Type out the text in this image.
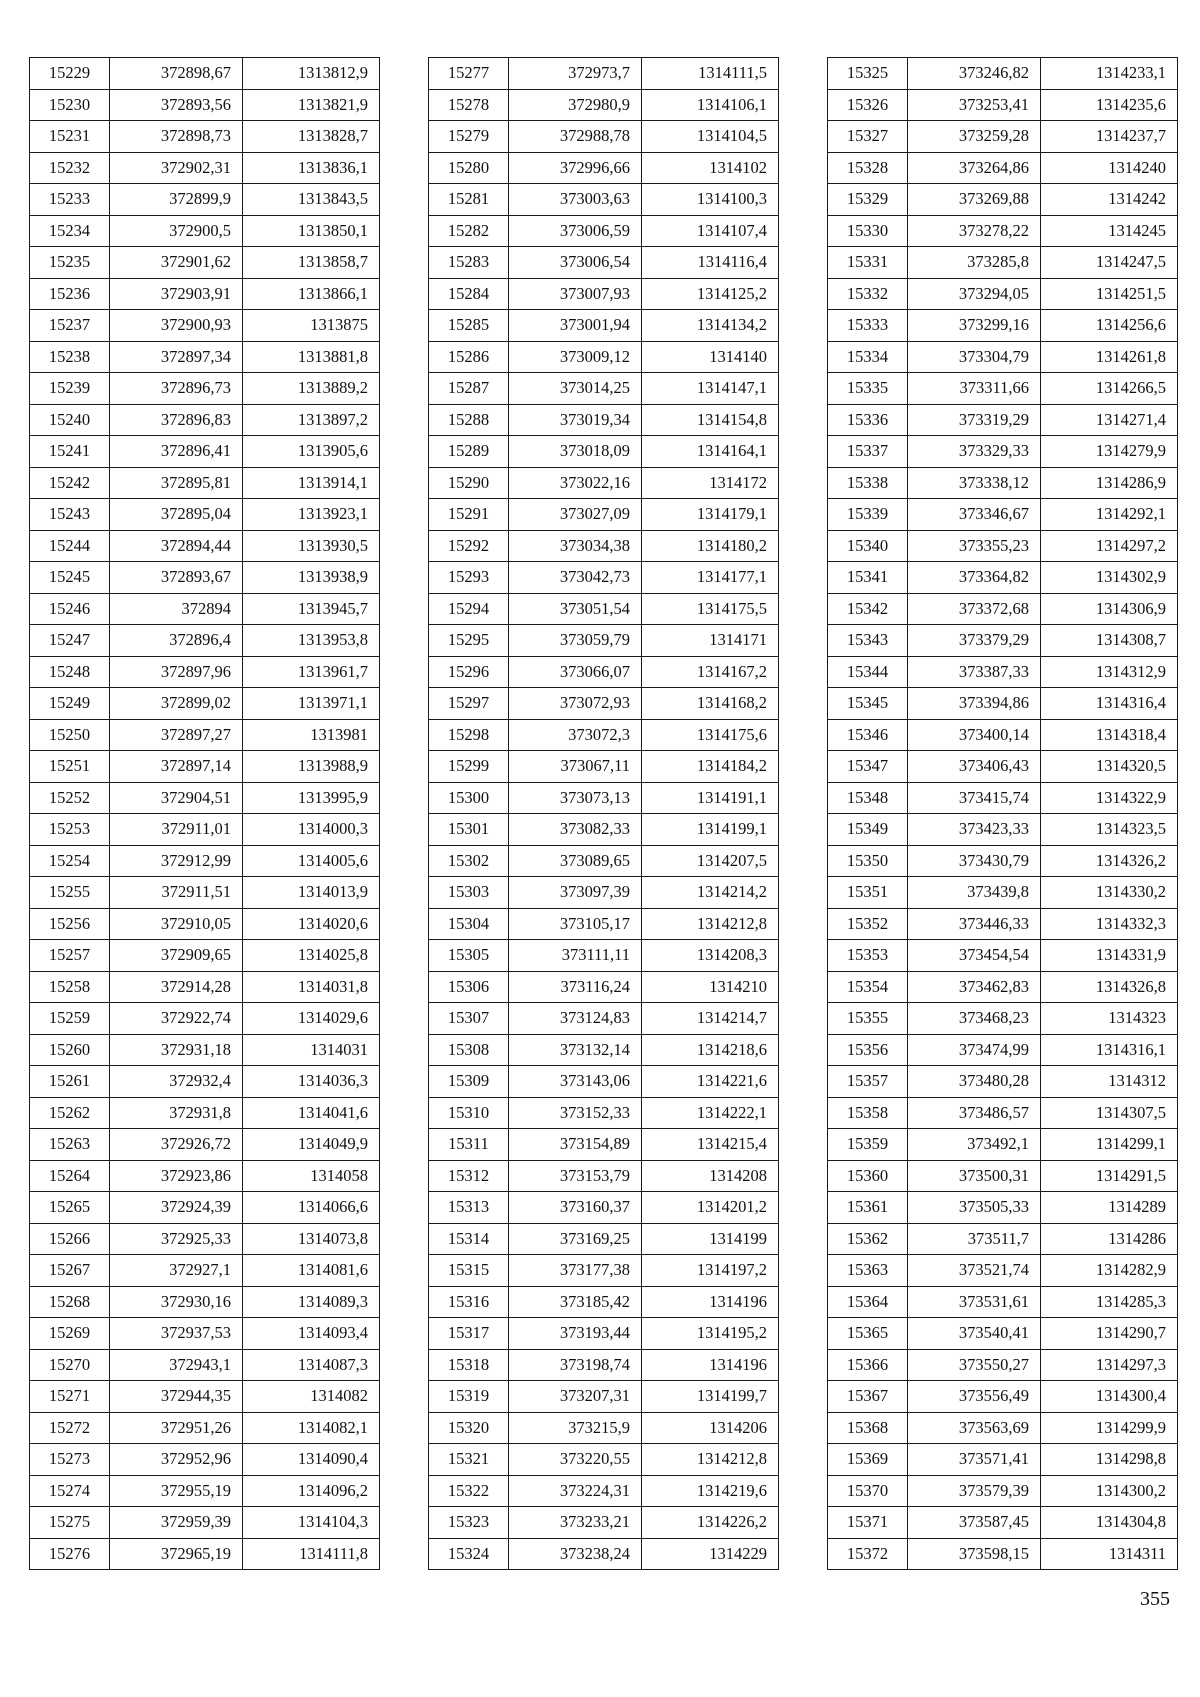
15229	372898,67	1313812,9
15230	372893,56	1313821,9
15231	372898,73	1313828,7
15232	372902,31	1313836,1
15233	372899,9	1313843,5
15234	372900,5	1313850,1
15235	372901,62	1313858,7
15236	372903,91	1313866,1
15237	372900,93	1313875
15238	372897,34	1313881,8
15239	372896,73	1313889,2
15240	372896,83	1313897,2
15241	372896,41	1313905,6
15242	372895,81	1313914,1
15243	372895,04	1313923,1
15244	372894,44	1313930,5
15245	372893,67	1313938,9
15246	372894	1313945,7
15247	372896,4	1313953,8
15248	372897,96	1313961,7
15249	372899,02	1313971,1
15250	372897,27	1313981
15251	372897,14	1313988,9
15252	372904,51	1313995,9
15253	372911,01	1314000,3
15254	372912,99	1314005,6
15255	372911,51	1314013,9
15256	372910,05	1314020,6
15257	372909,65	1314025,8
15258	372914,28	1314031,8
15259	372922,74	1314029,6
15260	372931,18	1314031
15261	372932,4	1314036,3
15262	372931,8	1314041,6
15263	372926,72	1314049,9
15264	372923,86	1314058
15265	372924,39	1314066,6
15266	372925,33	1314073,8
15267	372927,1	1314081,6
15268	372930,16	1314089,3
15269	372937,53	1314093,4
15270	372943,1	1314087,3
15271	372944,35	1314082
15272	372951,26	1314082,1
15273	372952,96	1314090,4
15274	372955,19	1314096,2
15275	372959,39	1314104,3
15276	372965,19	1314111,8
15277	372973,7	1314111,5
15278	372980,9	1314106,1
15279	372988,78	1314104,5
15280	372996,66	1314102
15281	373003,63	1314100,3
15282	373006,59	1314107,4
15283	373006,54	1314116,4
15284	373007,93	1314125,2
15285	373001,94	1314134,2
15286	373009,12	1314140
15287	373014,25	1314147,1
15288	373019,34	1314154,8
15289	373018,09	1314164,1
15290	373022,16	1314172
15291	373027,09	1314179,1
15292	373034,38	1314180,2
15293	373042,73	1314177,1
15294	373051,54	1314175,5
15295	373059,79	1314171
15296	373066,07	1314167,2
15297	373072,93	1314168,2
15298	373072,3	1314175,6
15299	373067,11	1314184,2
15300	373073,13	1314191,1
15301	373082,33	1314199,1
15302	373089,65	1314207,5
15303	373097,39	1314214,2
15304	373105,17	1314212,8
15305	373111,11	1314208,3
15306	373116,24	1314210
15307	373124,83	1314214,7
15308	373132,14	1314218,6
15309	373143,06	1314221,6
15310	373152,33	1314222,1
15311	373154,89	1314215,4
15312	373153,79	1314208
15313	373160,37	1314201,2
15314	373169,25	1314199
15315	373177,38	1314197,2
15316	373185,42	1314196
15317	373193,44	1314195,2
15318	373198,74	1314196
15319	373207,31	1314199,7
15320	373215,9	1314206
15321	373220,55	1314212,8
15322	373224,31	1314219,6
15323	373233,21	1314226,2
15324	373238,24	1314229
15325	373246,82	1314233,1
15326	373253,41	1314235,6
15327	373259,28	1314237,7
15328	373264,86	1314240
15329	373269,88	1314242
15330	373278,22	1314245
15331	373285,8	1314247,5
15332	373294,05	1314251,5
15333	373299,16	1314256,6
15334	373304,79	1314261,8
15335	373311,66	1314266,5
15336	373319,29	1314271,4
15337	373329,33	1314279,9
15338	373338,12	1314286,9
15339	373346,67	1314292,1
15340	373355,23	1314297,2
15341	373364,82	1314302,9
15342	373372,68	1314306,9
15343	373379,29	1314308,7
15344	373387,33	1314312,9
15345	373394,86	1314316,4
15346	373400,14	1314318,4
15347	373406,43	1314320,5
15348	373415,74	1314322,9
15349	373423,33	1314323,5
15350	373430,79	1314326,2
15351	373439,8	1314330,2
15352	373446,33	1314332,3
15353	373454,54	1314331,9
15354	373462,83	1314326,8
15355	373468,23	1314323
15356	373474,99	1314316,1
15357	373480,28	1314312
15358	373486,57	1314307,5
15359	373492,1	1314299,1
15360	373500,31	1314291,5
15361	373505,33	1314289
15362	373511,7	1314286
15363	373521,74	1314282,9
15364	373531,61	1314285,3
15365	373540,41	1314290,7
15366	373550,27	1314297,3
15367	373556,49	1314300,4
15368	373563,69	1314299,9
15369	373571,41	1314298,8
15370	373579,39	1314300,2
15371	373587,45	1314304,8
15372	373598,15	1314311
355
